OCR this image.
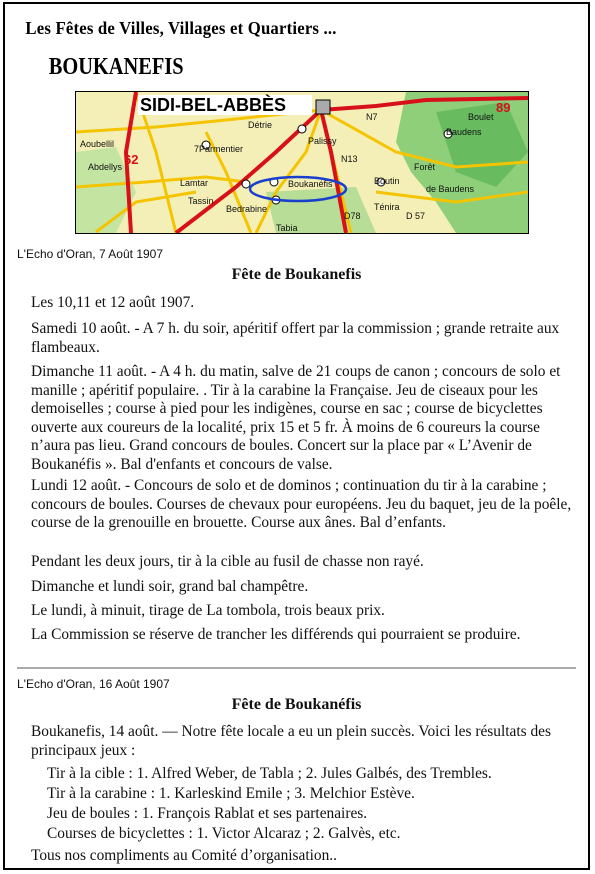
Les Fêtes de Villes, Villages et Quartiers ...
BOUKANEFIS
Aoubellil
Abdellys
Lamtar
Tassin
7Parmentier
Détrie
Palissy
Baudens
Boulet
Boukanéfis	Boutin
Forêt
Bedrabine
Tabia
Ténira
de Baudens
N7
N13
D78	D 57
62
89
SIDI-BEL-ABBÈS
L'Echo d'Oran, 7 Août 1907
Fête de Boukanefis

Les 10,11 et 12 août 1907.

Samedi 10 août. - A 7 h. du soir, apéritif offert par la commission ; grande retraite aux flambeaux.

Dimanche 11 août. - A 4 h. du matin, salve de 21 coups de canon ; concours de solo et manille ; apéritif populaire. . Tir à la carabine la Française. Jeu de ciseaux pour les demoiselles ; course à pied pour les indigènes, course en sac ; course de bicyclettes ouverte aux coureurs de la localité, prix 15 et 5 fr. À moins de 6 coureurs la course n’aura pas lieu. Grand concours de boules. Concert sur la place par « L’Avenir de Boukanéfis ». Bal d'enfants et concours de valse.

Lundi 12 août. - Concours de solo et de dominos ; continuation du tir à la carabine ; concours de boules. Courses de chevaux pour européens. Jeu du baquet, jeu de la poêle, course de la grenouille en brouette. Course aux ânes. Bal d’enfants.

Pendant les deux jours, tir à la cible au fusil de chasse non rayé.

Dimanche et lundi soir, grand bal champêtre.

Le lundi, à minuit, tirage de La tombola, trois beaux prix.

La Commission se réserve de trancher les différends qui pourraient se produire.

L'Echo d'Oran, 16 Août 1907
Fête de Boukanéfis

Boukanefis, 14 août. — Notre fête locale a eu un plein succès. Voici les résultats des principaux jeux :

Tir à la cible : 1. Alfred Weber, de Tabla ; 2. Jules Galbés, des Trembles.
Tir à la carabine : 1. Karleskind Emile ; 3. Melchior Estève.
Jeu de boules : 1. François Rablat et ses partenaires.
Courses de bicyclettes : 1. Victor Alcaraz ; 2. Galvès, etc.
Tous nos compliments au Comité d’organisation..
